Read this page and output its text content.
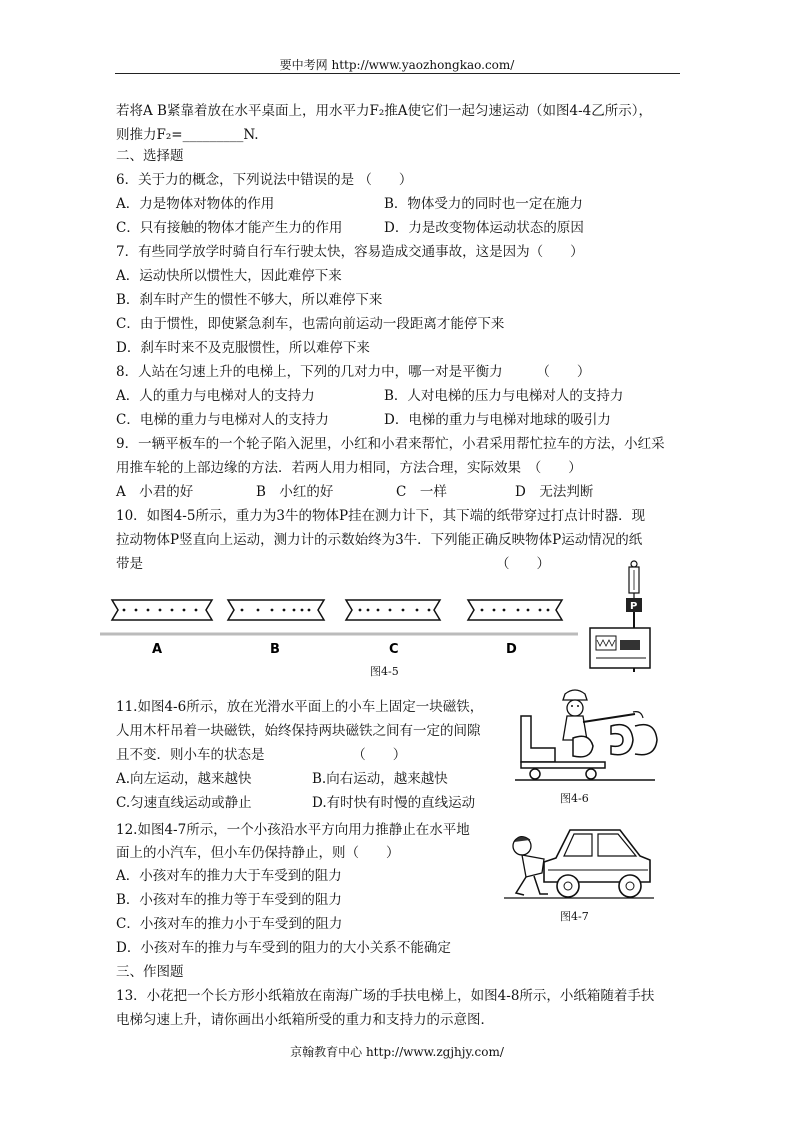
要中考网 http://www.yaozhongkao.com/
若将A B紧靠着放在水平桌面上，用水平力F₂推A使它们一起匀速运动（如图4-4乙所示），
则推力F₂=_________N.
二、选择题
6．关于力的概念，下列说法中错误的是 （　　）
A．力是物体对物体的作用	B．物体受力的同时也一定在施力
C．只有接触的物体才能产生力的作用	D．力是改变物体运动状态的原因
7．有些同学放学时骑自行车行驶太快，容易造成交通事故，这是因为（　　）
A．运动快所以惯性大，因此难停下来
B．刹车时产生的惯性不够大，所以难停下来
C．由于惯性，即使紧急刹车，也需向前运动一段距离才能停下来
D．刹车时来不及克服惯性，所以难停下来
8．人站在匀速上升的电梯上，下列的几对力中，哪一对是平衡力　　　（　　）
A．人的重力与电梯对人的支持力	B．人对电梯的压力与电梯对人的支持力
C．电梯的重力与电梯对人的支持力	D．电梯的重力与电梯对地球的吸引力
9．一辆平板车的一个轮子陷入泥里，小红和小君来帮忙，小君采用帮忙拉车的方法，小红采
用推车轮的上部边缘的方法．若两人用力相同，方法合理，实际效果　（　　）
A　小君的好	B　小红的好	C　一样	D　无法判断
10．如图4-5所示，重力为3牛的物体P挂在测力计下，其下端的纸带穿过打点计时器．现
拉动物体P竖直向上运动，测力计的示数始终为3牛．下列能正确反映物体P运动情况的纸
带是	（　　）
A	B	C	D
P
图4-5
11.如图4-6所示，放在光滑水平面上的小车上固定一块磁铁，
人用木杆吊着一块磁铁，始终保持两块磁铁之间有一定的间隙
且不变．则小车的状态是　　　　　　　（　　）
A.向左运动，越来越快	B.向右运动，越来越快
C.匀速直线运动或静止	D.有时快有时慢的直线运动	图4-6
12.如图4-7所示，一个小孩沿水平方向用力推静止在水平地
面上的小汽车，但小车仍保持静止，则（　　）
A．小孩对车的推力大于车受到的阻力
B．小孩对车的推力等于车受到的阻力
C．小孩对车的推力小于车受到的阻力
D．小孩对车的推力与车受到的阻力的大小关系不能确定
图4-7
三、作图题
13．小花把一个长方形小纸箱放在南海广场的手扶电梯上，如图4-8所示，小纸箱随着手扶
电梯匀速上升，请你画出小纸箱所受的重力和支持力的示意图．
京翰教育中心 http://www.zgjhjy.com/
